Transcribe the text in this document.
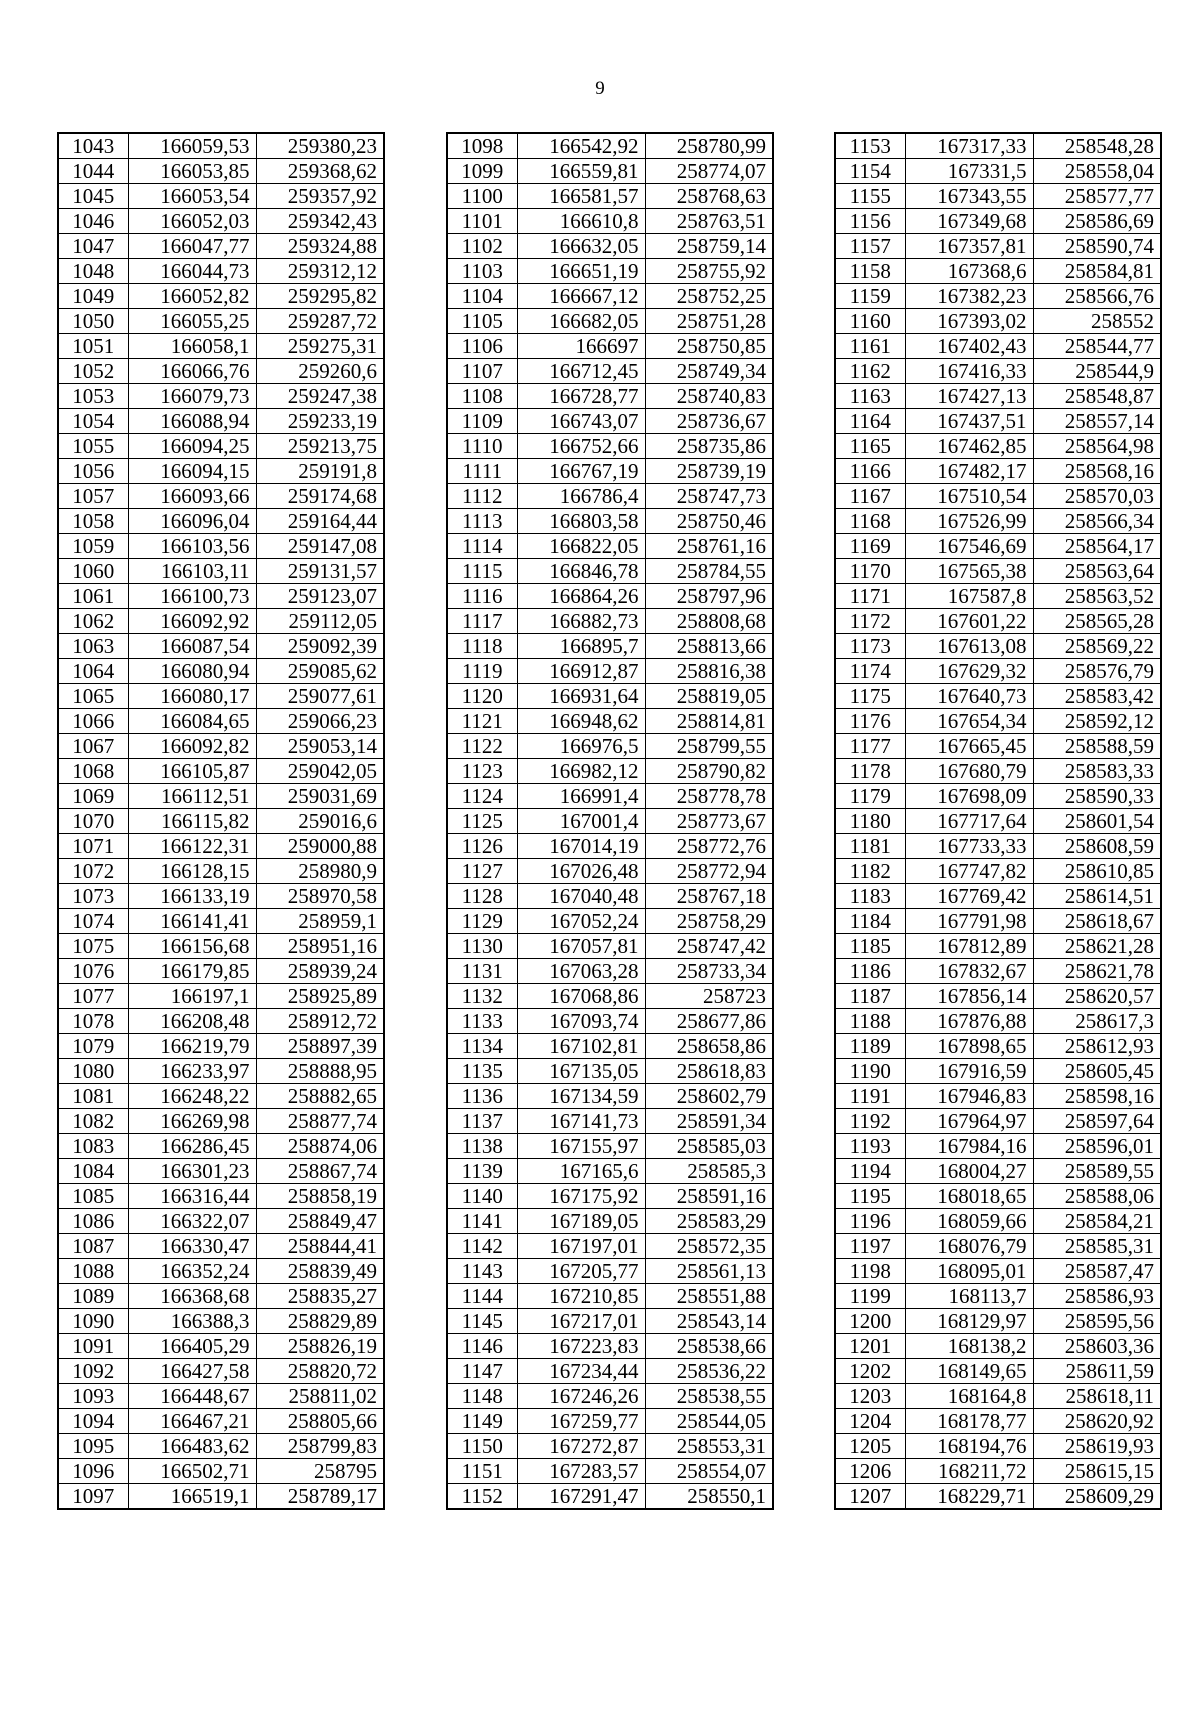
9
1043	166059,53	259380,23
1044	166053,85	259368,62
1045	166053,54	259357,92
1046	166052,03	259342,43
1047	166047,77	259324,88
1048	166044,73	259312,12
1049	166052,82	259295,82
1050	166055,25	259287,72
1051	166058,1	259275,31
1052	166066,76	259260,6
1053	166079,73	259247,38
1054	166088,94	259233,19
1055	166094,25	259213,75
1056	166094,15	259191,8
1057	166093,66	259174,68
1058	166096,04	259164,44
1059	166103,56	259147,08
1060	166103,11	259131,57
1061	166100,73	259123,07
1062	166092,92	259112,05
1063	166087,54	259092,39
1064	166080,94	259085,62
1065	166080,17	259077,61
1066	166084,65	259066,23
1067	166092,82	259053,14
1068	166105,87	259042,05
1069	166112,51	259031,69
1070	166115,82	259016,6
1071	166122,31	259000,88
1072	166128,15	258980,9
1073	166133,19	258970,58
1074	166141,41	258959,1
1075	166156,68	258951,16
1076	166179,85	258939,24
1077	166197,1	258925,89
1078	166208,48	258912,72
1079	166219,79	258897,39
1080	166233,97	258888,95
1081	166248,22	258882,65
1082	166269,98	258877,74
1083	166286,45	258874,06
1084	166301,23	258867,74
1085	166316,44	258858,19
1086	166322,07	258849,47
1087	166330,47	258844,41
1088	166352,24	258839,49
1089	166368,68	258835,27
1090	166388,3	258829,89
1091	166405,29	258826,19
1092	166427,58	258820,72
1093	166448,67	258811,02
1094	166467,21	258805,66
1095	166483,62	258799,83
1096	166502,71	258795
1097	166519,1	258789,17
1098	166542,92	258780,99
1099	166559,81	258774,07
1100	166581,57	258768,63
1101	166610,8	258763,51
1102	166632,05	258759,14
1103	166651,19	258755,92
1104	166667,12	258752,25
1105	166682,05	258751,28
1106	166697	258750,85
1107	166712,45	258749,34
1108	166728,77	258740,83
1109	166743,07	258736,67
1110	166752,66	258735,86
1111	166767,19	258739,19
1112	166786,4	258747,73
1113	166803,58	258750,46
1114	166822,05	258761,16
1115	166846,78	258784,55
1116	166864,26	258797,96
1117	166882,73	258808,68
1118	166895,7	258813,66
1119	166912,87	258816,38
1120	166931,64	258819,05
1121	166948,62	258814,81
1122	166976,5	258799,55
1123	166982,12	258790,82
1124	166991,4	258778,78
1125	167001,4	258773,67
1126	167014,19	258772,76
1127	167026,48	258772,94
1128	167040,48	258767,18
1129	167052,24	258758,29
1130	167057,81	258747,42
1131	167063,28	258733,34
1132	167068,86	258723
1133	167093,74	258677,86
1134	167102,81	258658,86
1135	167135,05	258618,83
1136	167134,59	258602,79
1137	167141,73	258591,34
1138	167155,97	258585,03
1139	167165,6	258585,3
1140	167175,92	258591,16
1141	167189,05	258583,29
1142	167197,01	258572,35
1143	167205,77	258561,13
1144	167210,85	258551,88
1145	167217,01	258543,14
1146	167223,83	258538,66
1147	167234,44	258536,22
1148	167246,26	258538,55
1149	167259,77	258544,05
1150	167272,87	258553,31
1151	167283,57	258554,07
1152	167291,47	258550,1
1153	167317,33	258548,28
1154	167331,5	258558,04
1155	167343,55	258577,77
1156	167349,68	258586,69
1157	167357,81	258590,74
1158	167368,6	258584,81
1159	167382,23	258566,76
1160	167393,02	258552
1161	167402,43	258544,77
1162	167416,33	258544,9
1163	167427,13	258548,87
1164	167437,51	258557,14
1165	167462,85	258564,98
1166	167482,17	258568,16
1167	167510,54	258570,03
1168	167526,99	258566,34
1169	167546,69	258564,17
1170	167565,38	258563,64
1171	167587,8	258563,52
1172	167601,22	258565,28
1173	167613,08	258569,22
1174	167629,32	258576,79
1175	167640,73	258583,42
1176	167654,34	258592,12
1177	167665,45	258588,59
1178	167680,79	258583,33
1179	167698,09	258590,33
1180	167717,64	258601,54
1181	167733,33	258608,59
1182	167747,82	258610,85
1183	167769,42	258614,51
1184	167791,98	258618,67
1185	167812,89	258621,28
1186	167832,67	258621,78
1187	167856,14	258620,57
1188	167876,88	258617,3
1189	167898,65	258612,93
1190	167916,59	258605,45
1191	167946,83	258598,16
1192	167964,97	258597,64
1193	167984,16	258596,01
1194	168004,27	258589,55
1195	168018,65	258588,06
1196	168059,66	258584,21
1197	168076,79	258585,31
1198	168095,01	258587,47
1199	168113,7	258586,93
1200	168129,97	258595,56
1201	168138,2	258603,36
1202	168149,65	258611,59
1203	168164,8	258618,11
1204	168178,77	258620,92
1205	168194,76	258619,93
1206	168211,72	258615,15
1207	168229,71	258609,29
